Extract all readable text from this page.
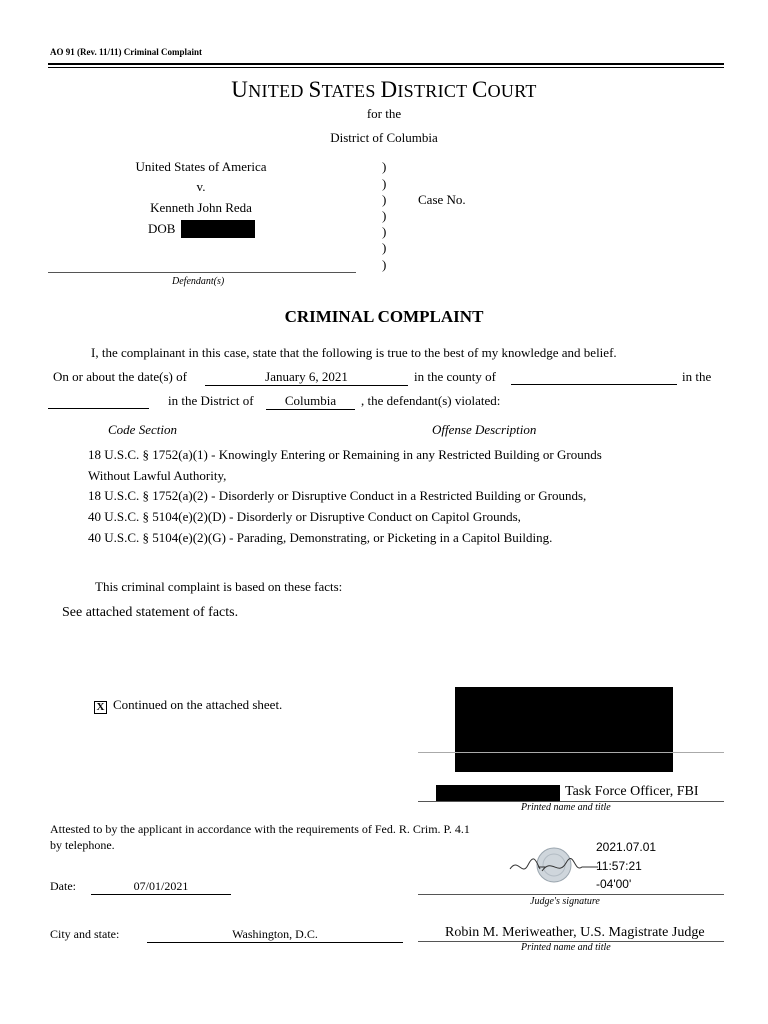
AO 91 (Rev. 11/11) Criminal Complaint
UNITED STATES DISTRICT COURT
for the
District of Columbia
United States of America
v.
Kenneth John Reda
DOB
)
)
)
)
)
)
)
Case No.
Defendant(s)
CRIMINAL COMPLAINT
I, the complainant in this case, state that the following is true to the best of my knowledge and belief.
On or about the date(s) of	January 6, 2021	in the county of	in the
in the District of	Columbia	, the defendant(s) violated:
Code Section	Offense Description
18 U.S.C. § 1752(a)(1) - Knowingly Entering or Remaining in any Restricted Building or Grounds
Without Lawful Authority,
18 U.S.C. § 1752(a)(2) - Disorderly or Disruptive Conduct in a Restricted Building or Grounds,
40 U.S.C. § 5104(e)(2)(D) - Disorderly or Disruptive Conduct on Capitol Grounds,
40 U.S.C. § 5104(e)(2)(G) - Parading, Demonstrating, or Picketing in a Capitol Building.
This criminal complaint is based on these facts:
See attached statement of facts.
X Continued on the attached sheet.
Task Force Officer, FBI
Printed name and title
Attested to by the applicant in accordance with the requirements of Fed. R. Crim. P. 4.1
by telephone.	2021.07.01
11:57:21
-04'00'
Date:	07/01/2021
Judge's signature
City and state:	Washington, D.C.	Robin M. Meriweather, U.S. Magistrate Judge
Printed name and title
